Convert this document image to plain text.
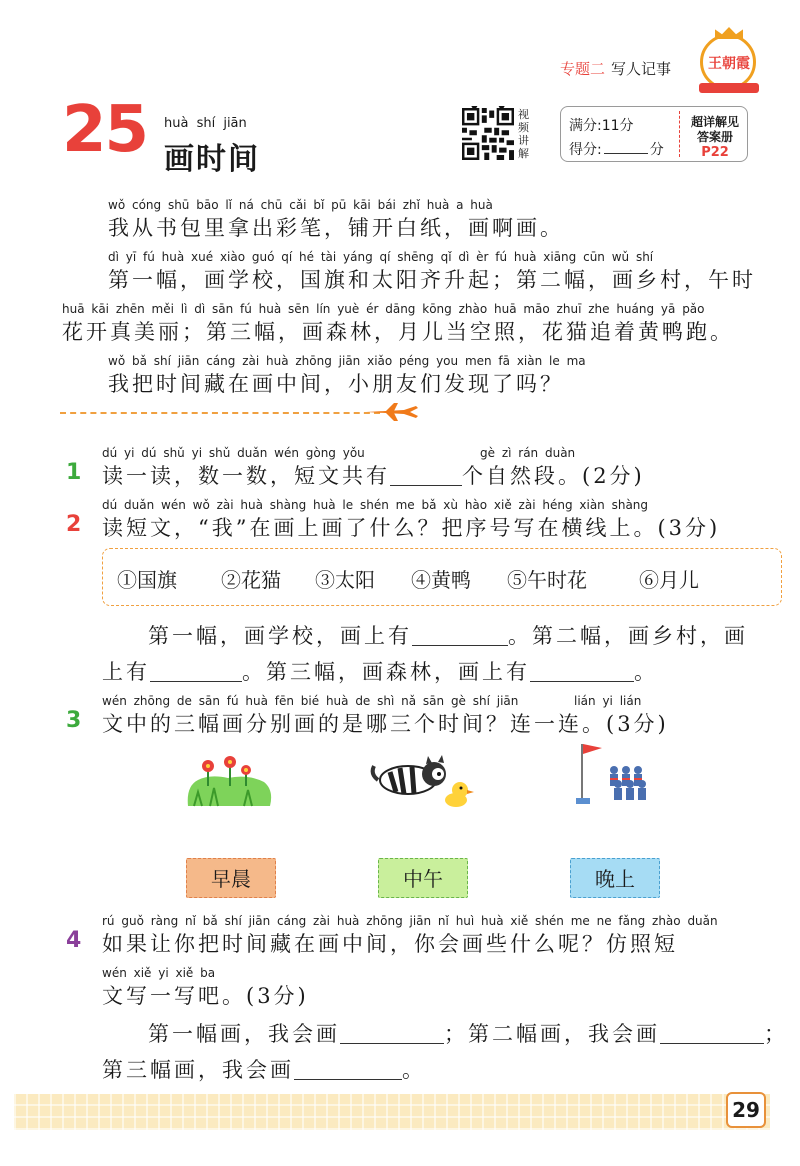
专题二 写人记事	王朝霞
25 huà shí jiān
画时间
视
频
讲
解
满分:11分
得分:	分
超详解见
答案册
P22
wǒ cóng shū bāo lǐ ná chū cǎi bǐ pū kāi bái zhǐ huà a huà
我从书包里拿出彩笔，铺开白纸，画啊画。
dì yī fú huà xué xiào guó qí hé tài yáng qí shēng qǐ dì èr fú huà xiāng cūn wǔ shí
第一幅，画学校，国旗和太阳齐升起；第二幅，画乡村，午时
huā kāi zhēn měi lì dì sān fú huà sēn lín yuè ér dāng kōng zhào huā māo zhuī zhe huáng yā pǎo
花开真美丽；第三幅，画森林，月儿当空照，花猫追着黄鸭跑。
wǒ bǎ shí jiān cáng zài huà zhōng jiān xiǎo péng you men fā xiàn le ma
我把时间藏在画中间，小朋友们发现了吗？
1
dú yi dú shǔ yi shǔ duǎn wén gòng yǒu	gè zì rán duàn
读一读，数一数，短文共有	个自然段。(2分)
2
dú duǎn wén wǒ zài huà shàng huà le shén me bǎ xù hào xiě zài héng xiàn shàng
读短文，“我”在画上画了什么？把序号写在横线上。(3分)
①国旗 ②花猫 ③太阳 ④黄鸭 ⑤午时花	⑥月儿
第一幅，画学校，画上有	。第二幅，画乡村，画
上有	。第三幅，画森林，画上有	。
3
wén zhōng de sān fú huà fēn bié huà de shì nǎ sān gè shí jiān	lián yi lián
文中的三幅画分别画的是哪三个时间？连一连。(3分)
早晨	中午	晚上
4
rú guǒ ràng nǐ bǎ shí jiān cáng zài huà zhōng jiān nǐ huì huà xiě shén me ne fǎng zhào duǎn
如果让你把时间藏在画中间，你会画些什么呢？仿照短
wén xiě yi xiě ba
文写一写吧。(3分)
第一幅画，我会画	；第二幅画，我会画	；
第三幅画，我会画	。
29
